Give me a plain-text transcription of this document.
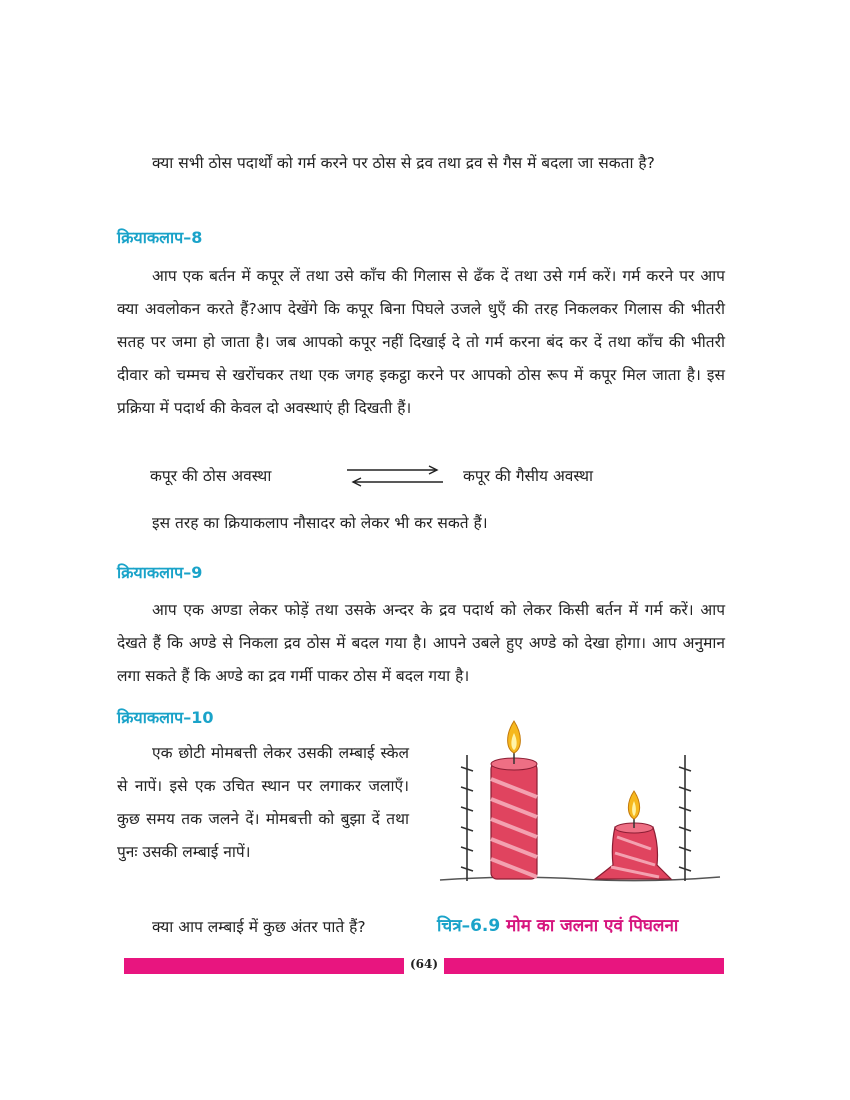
क्या सभी ठोस पदार्थों को गर्म करने पर ठोस से द्रव तथा द्रव से गैस में बदला जा सकता है?

क्रियाकलाप–8

आप एक बर्तन में कपूर लें तथा उसे काँच की गिलास से ढँक दें तथा उसे गर्म करें। गर्म करने पर आप क्या अवलोकन करते हैं?आप देखेंगे कि कपूर बिना पिघले उजले धुएँ की तरह निकलकर गिलास की भीतरी सतह पर जमा हो जाता है। जब आपको कपूर नहीं दिखाई दे तो गर्म करना बंद कर दें तथा काँच की भीतरी दीवार को चम्मच से खरोंचकर तथा एक जगह इकट्ठा करने पर आपको ठोस रूप में कपूर मिल जाता है। इस प्रक्रिया में पदार्थ की केवल दो अवस्थाएं ही दिखती हैं।

कपूर की ठोस अवस्था	कपूर की गैसीय अवस्था

इस तरह का क्रियाकलाप नौसादर को लेकर भी कर सकते हैं।

क्रियाकलाप–9

आप एक अण्डा लेकर फोड़ें तथा उसके अन्दर के द्रव पदार्थ को लेकर किसी बर्तन में गर्म करें। आप देखते हैं कि अण्डे से निकला द्रव ठोस में बदल गया है। आपने उबले हुए अण्डे को देखा होगा। आप अनुमान लगा सकते हैं कि अण्डे का द्रव गर्मी पाकर ठोस में बदल गया है।

क्रियाकलाप–10

एक छोटी मोमबत्ती लेकर उसकी लम्बाई स्केल से नापें। इसे एक उचित स्थान पर लगाकर जलाएँ। कुछ समय तक जलने दें। मोमबत्ती को बुझा दें तथा पुनः उसकी लम्बाई नापें।

क्या आप लम्बाई में कुछ अंतर पाते हैं?	चित्र–6.9 मोम का जलना एवं पिघलना
(64)
